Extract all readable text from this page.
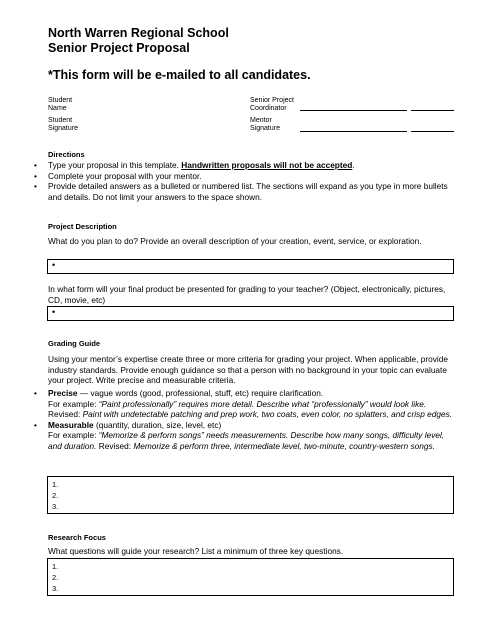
North Warren Regional School
Senior Project Proposal
*This form will be e-mailed to all candidates.
Student
Name
Student
Signature
Senior Project
Coordinator
Mentor
Signature
Directions
• Type your proposal in this template. Handwritten proposals will not be accepted.
• Complete your proposal with your mentor.
• Provide detailed answers as a bulleted or numbered list. The sections will expand as you type in more bullets and details. Do not limit your answers to the space shown.
Project Description
What do you plan to do? Provide an overall description of your creation, event, service, or exploration.
•
In what form will your final product be presented for grading to your teacher? (Object, electronically, pictures, CD, movie, etc)
•
Grading Guide
Using your mentor’s expertise create three or more criteria for grading your project. When applicable, provide industry standards. Provide enough guidance so that a person with no background in your topic can evaluate your project. Write precise and measurable criteria.
• Precise — vague words (good, professional, stuff, etc) require clarification.
For example: “Paint professionally” requires more detail. Describe what “professionally” would look like.
Revised: Paint with undetectable patching and prep work, two coats, even color, no splatters, and crisp edges.
• Measurable (quantity, duration, size, level, etc)
For example: “Memorize & perform songs” needs measurements. Describe how many songs, difficulty level, and duration. Revised: Memorize & perform three, intermediate level, two-minute, country-western songs.
1.
2.
3.
Research Focus
What questions will guide your research? List a minimum of three key questions.
1.
2.
3.
